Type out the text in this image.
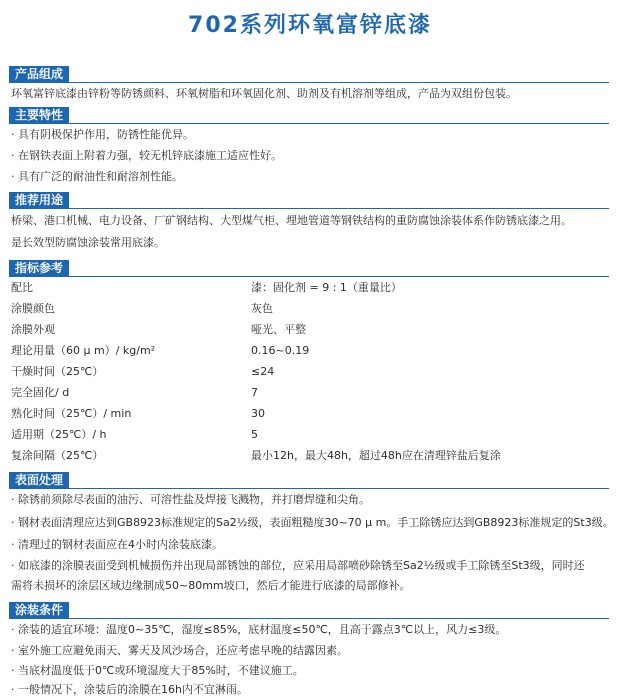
702系列环氧富锌底漆
产品组成
环氧富锌底漆由锌粉等防锈颜料、环氧树脂和环氧固化剂、助剂及有机溶剂等组成，产品为双组份包装。
主要特性
· 具有阴极保护作用，防锈性能优异。
· 在钢铁表面上附着力强，较无机锌底漆施工适应性好。
· 具有广泛的耐油性和耐溶剂性能。
推荐用途
桥梁、港口机械、电力设备、厂矿钢结构、大型煤气柜、埋地管道等钢铁结构的重防腐蚀涂装体系作防锈底漆之用。
是长效型防腐蚀涂装常用底漆。
指标参考
配比	漆：固化剂 = 9 : 1（重量比）
涂膜颜色	灰色
涂膜外观	哑光、平整
理论用量（60 μ m）/ kg/m²	0.16~0.19
干燥时间（25℃）	≤24
完全固化/ d	7
熟化时间（25℃）/ min	30
适用期（25℃）/ h	5
复涂间隔（25℃）	最小12h，最大48h，超过48h应在清理锌盐后复涂
表面处理
· 除锈前须除尽表面的油污、可溶性盐及焊接飞溅物，并打磨焊缝和尖角。
· 钢材表面清理应达到GB8923标准规定的Sa2½级，表面粗糙度30~70 μ m。手工除锈应达到GB8923标准规定的St3级。
· 清理过的钢材表面应在4小时内涂装底漆。
· 如底漆的涂膜表面受到机械损伤并出现局部锈蚀的部位，应采用局部喷砂除锈至Sa2½级或手工除锈至St3级，同时还
需将未损坏的涂层区域边缘制成50~80mm坡口，然后才能进行底漆的局部修补。
涂装条件
· 涂装的适宜环境：温度0~35℃，湿度≤85%，底材温度≤50℃，且高于露点3℃以上，风力≤3级。
· 室外施工应避免雨天、雾天及风沙场合，还应考虑早晚的结露因素。
· 当底材温度低于0℃或环境湿度大于85%时，不建议施工。
· 一般情况下，涂装后的涂膜在16h内不宜淋雨。
